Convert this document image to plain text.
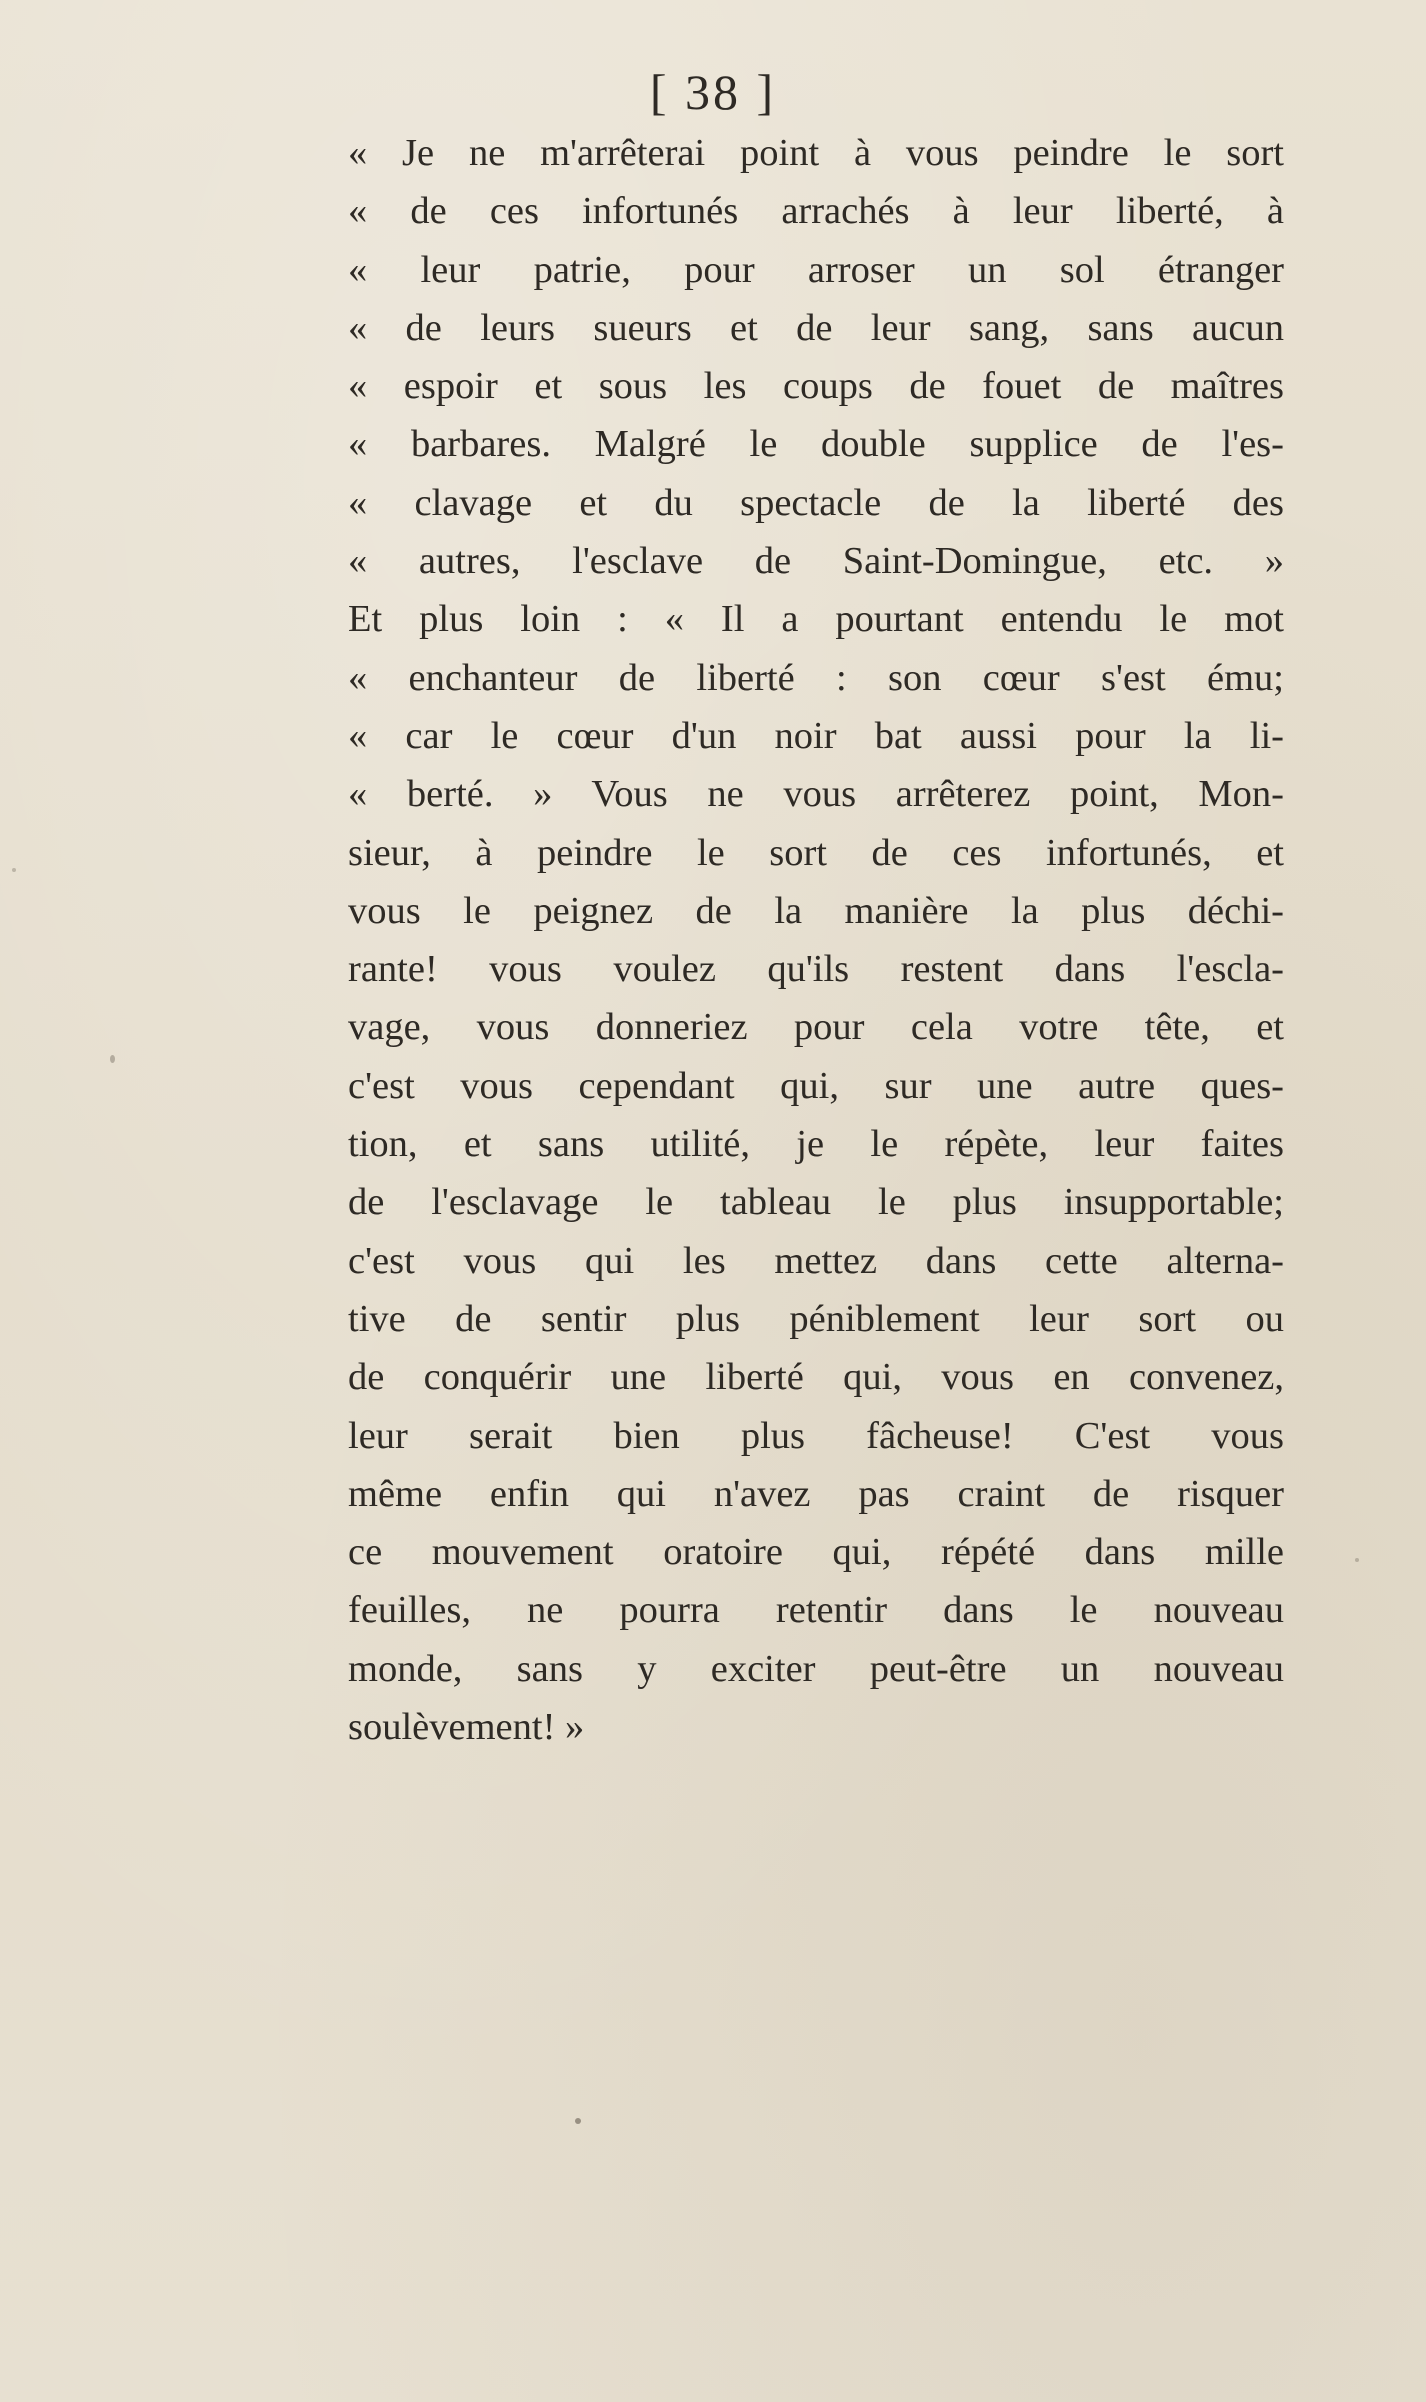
[ 38 ]
« Je ne m'arrêterai point à vous peindre le sort
« de ces infortunés arrachés à leur liberté, à
« leur patrie, pour arroser un sol étranger
« de leurs sueurs et de leur sang, sans aucun
« espoir et sous les coups de fouet de maîtres
« barbares. Malgré le double supplice de l'es-
« clavage et du spectacle de la liberté des
« autres, l'esclave de Saint-Domingue, etc. »
Et plus loin : « Il a pourtant entendu le mot
« enchanteur de liberté : son cœur s'est ému;
« car le cœur d'un noir bat aussi pour la li-
« berté. » Vous ne vous arrêterez point, Mon-
sieur, à peindre le sort de ces infortunés, et
vous le peignez de la manière la plus déchi-
rante! vous voulez qu'ils restent dans l'escla-
vage, vous donneriez pour cela votre tête, et
c'est vous cependant qui, sur une autre ques-
tion, et sans utilité, je le répète, leur faites
de l'esclavage le tableau le plus insupportable;
c'est vous qui les mettez dans cette alterna-
tive de sentir plus péniblement leur sort ou
de conquérir une liberté qui, vous en convenez,
leur serait bien plus fâcheuse! C'est vous
même enfin qui n'avez pas craint de risquer
ce mouvement oratoire qui, répété dans mille
feuilles, ne pourra retentir dans le nouveau
monde, sans y exciter peut-être un nouveau
soulèvement! »
